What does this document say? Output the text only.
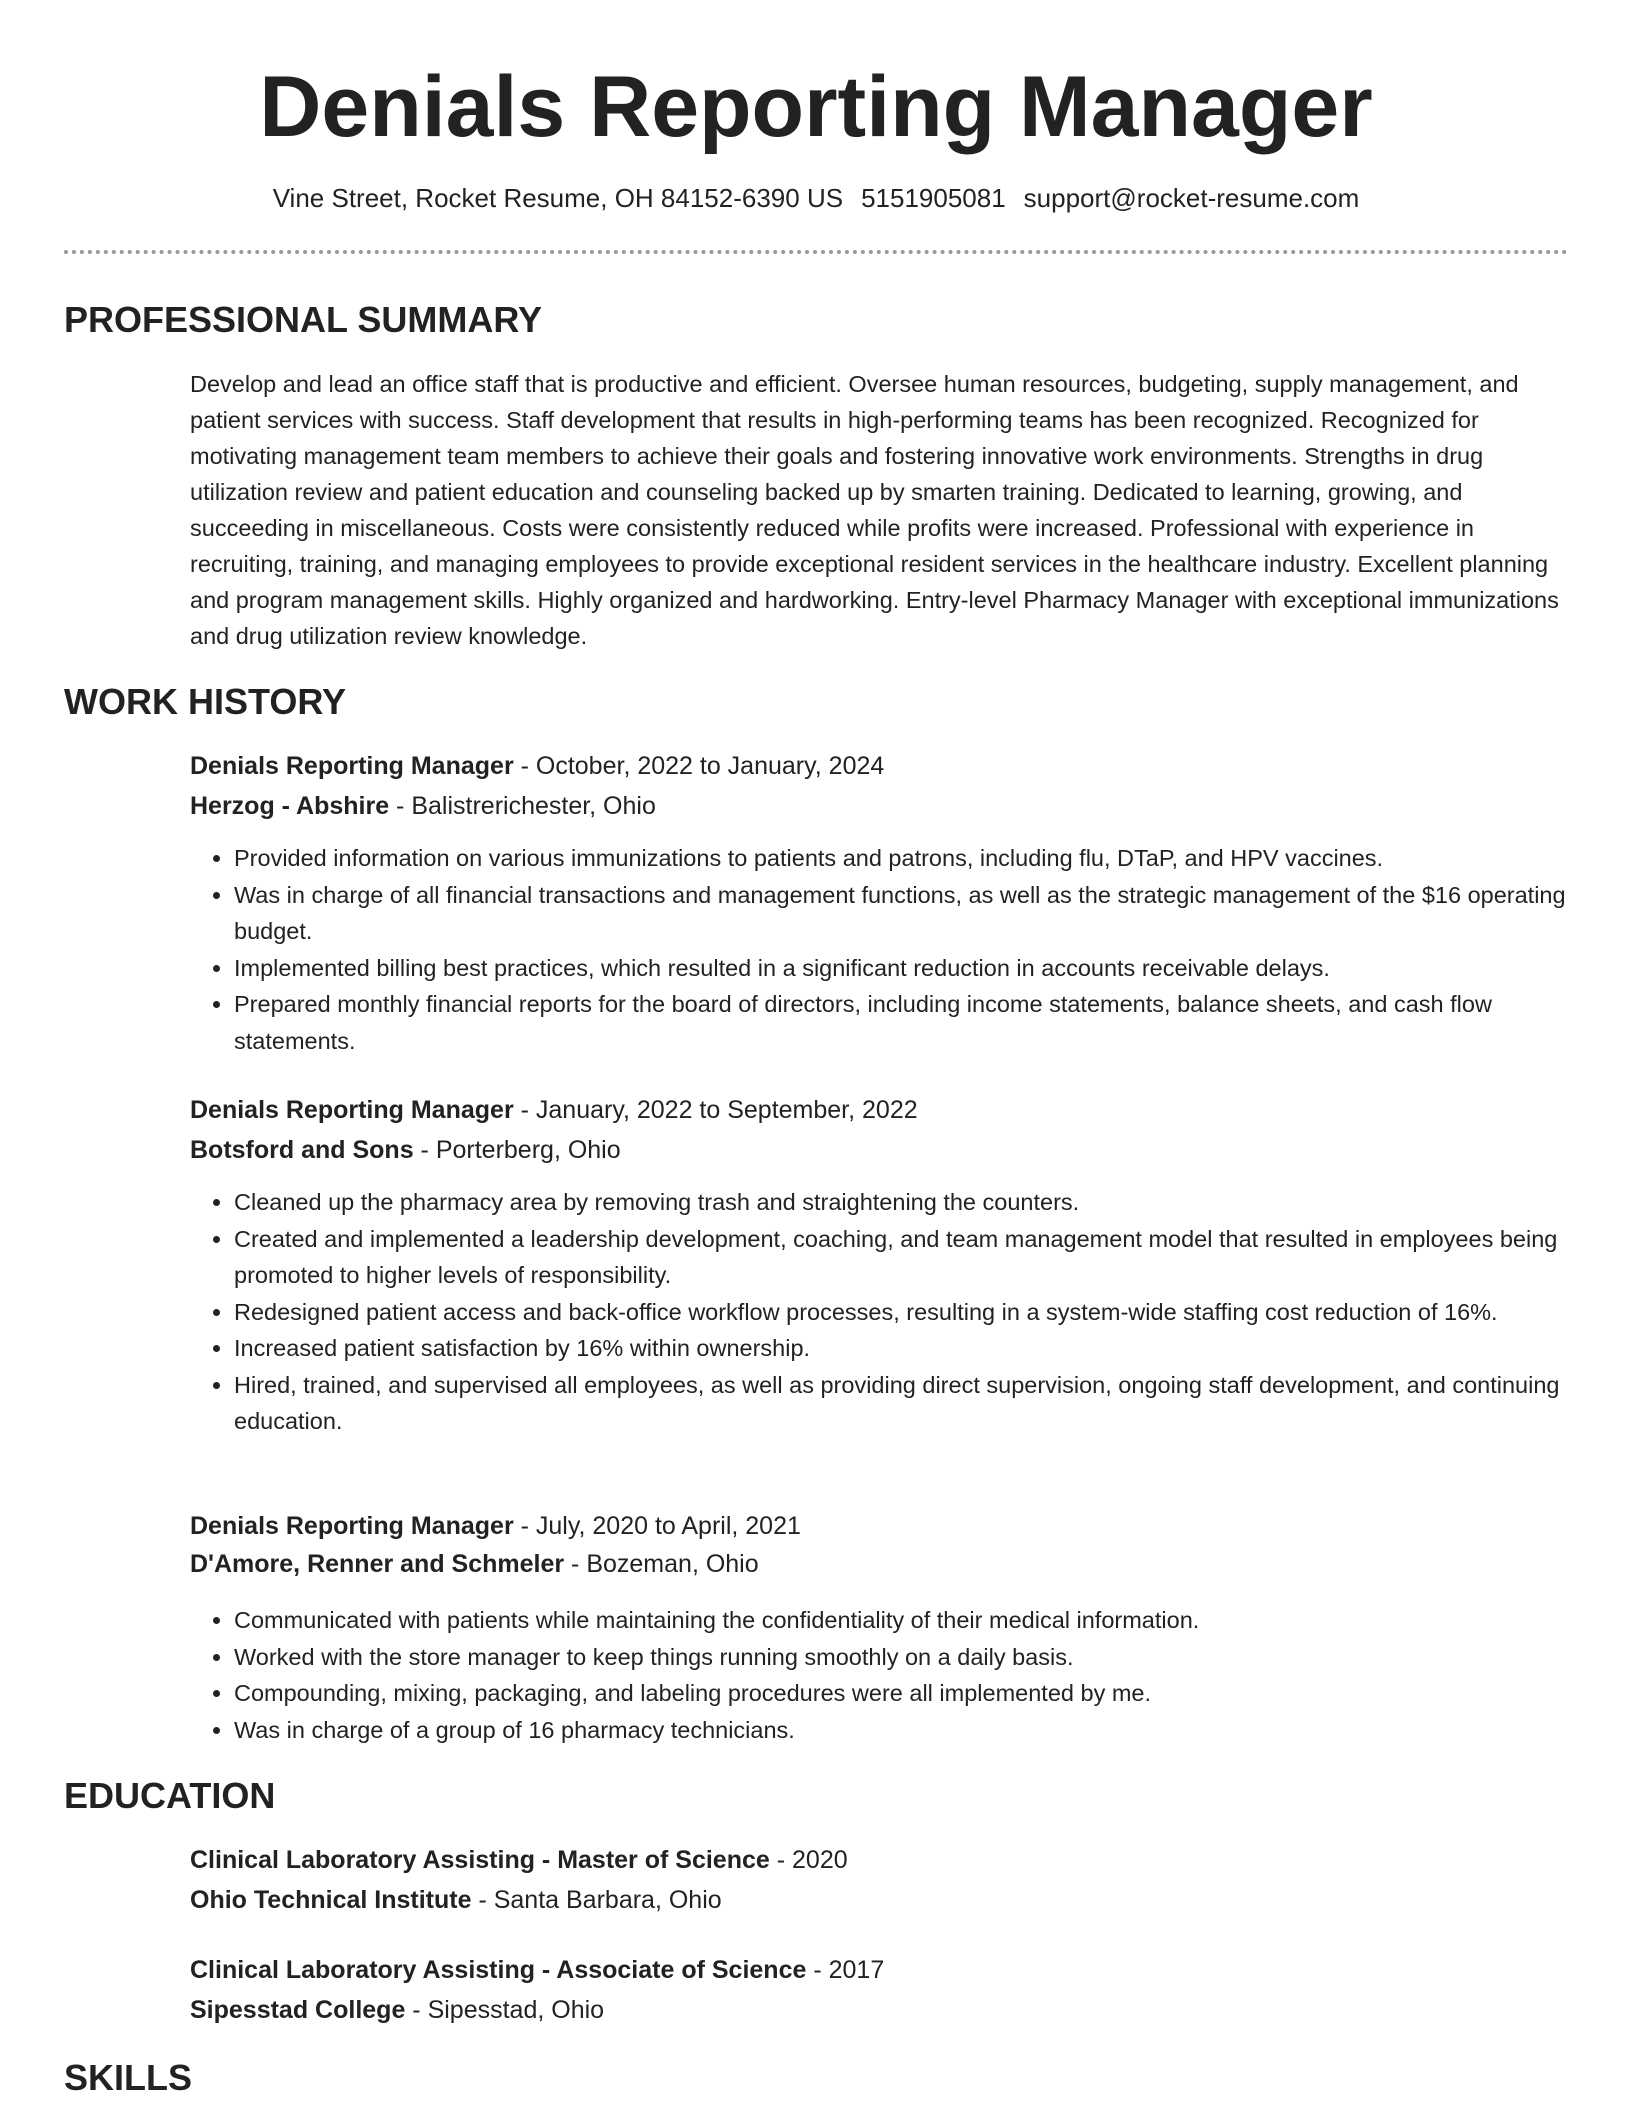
Denials Reporting Manager
Vine Street, Rocket Resume, OH 84152-6390 US 5151905081 support@rocket-resume.com
PROFESSIONAL SUMMARY

Develop and lead an office staff that is productive and efficient. Oversee human resources, budgeting, supply management, and patient services with success. Staff development that results in high-performing teams has been recognized. Recognized for motivating management team members to achieve their goals and fostering innovative work environments. Strengths in drug utilization review and patient education and counseling backed up by smarten training. Dedicated to learning, growing, and succeeding in miscellaneous. Costs were consistently reduced while profits were increased. Professional with experience in recruiting, training, and managing employees to provide exceptional resident services in the healthcare industry. Excellent planning and program management skills. Highly organized and hardworking. Entry-level Pharmacy Manager with exceptional immunizations and drug utilization review knowledge.

WORK HISTORY
Denials Reporting Manager - October, 2022 to January, 2024
Herzog - Abshire - Balistrerichester, Ohio
• Provided information on various immunizations to patients and patrons, including flu, DTaP, and HPV vaccines.
• Was in charge of all financial transactions and management functions, as well as the strategic management of the $16 operating budget.
• Implemented billing best practices, which resulted in a significant reduction in accounts receivable delays.
• Prepared monthly financial reports for the board of directors, including income statements, balance sheets, and cash flow statements.
Denials Reporting Manager - January, 2022 to September, 2022
Botsford and Sons - Porterberg, Ohio
• Cleaned up the pharmacy area by removing trash and straightening the counters.
• Created and implemented a leadership development, coaching, and team management model that resulted in employees being promoted to higher levels of responsibility.
• Redesigned patient access and back-office workflow processes, resulting in a system-wide staffing cost reduction of 16%.
• Increased patient satisfaction by 16% within ownership.
• Hired, trained, and supervised all employees, as well as providing direct supervision, ongoing staff development, and continuing education.
Denials Reporting Manager - July, 2020 to April, 2021
D'Amore, Renner and Schmeler - Bozeman, Ohio
• Communicated with patients while maintaining the confidentiality of their medical information.
• Worked with the store manager to keep things running smoothly on a daily basis.
• Compounding, mixing, packaging, and labeling procedures were all implemented by me.
• Was in charge of a group of 16 pharmacy technicians.
EDUCATION
Clinical Laboratory Assisting - Master of Science - 2020
Ohio Technical Institute - Santa Barbara, Ohio
Clinical Laboratory Assisting - Associate of Science - 2017
Sipesstad College - Sipesstad, Ohio
SKILLS
